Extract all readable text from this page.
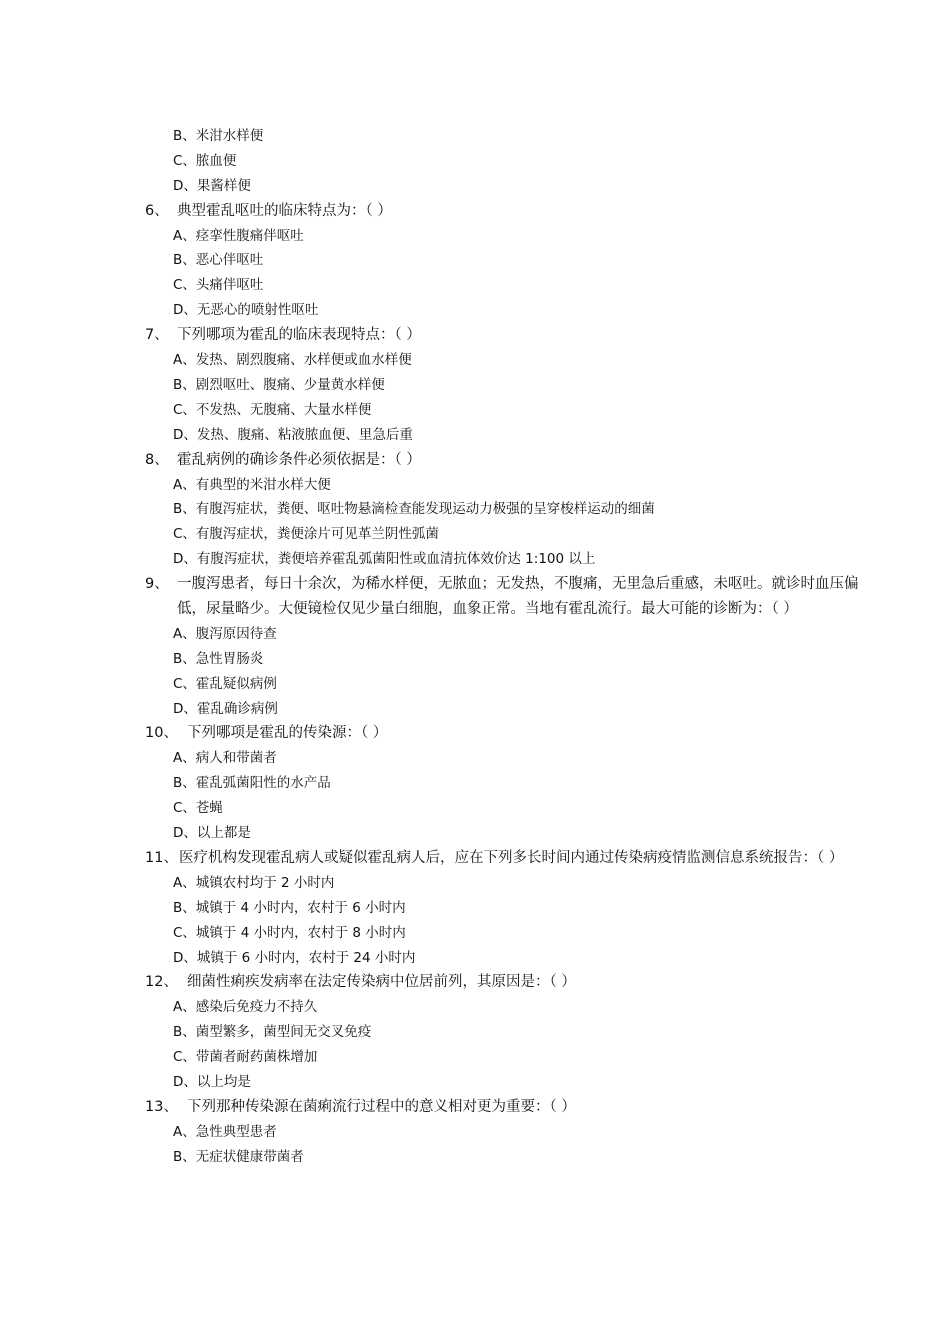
B、米泔水样便
C、脓血便
D、果酱样便
6、 典型霍乱呕吐的临床特点为：（ ）
A、痉挛性腹痛伴呕吐
B、恶心伴呕吐
C、头痛伴呕吐
D、无恶心的喷射性呕吐
7、 下列哪项为霍乱的临床表现特点：（ ）
A、发热、剧烈腹痛、水样便或血水样便
B、剧烈呕吐、腹痛、少量黄水样便
C、不发热、无腹痛、大量水样便
D、发热、腹痛、粘液脓血便、里急后重
8、 霍乱病例的确诊条件必须依据是：（ ）
A、有典型的米泔水样大便
B、有腹泻症状，粪便、呕吐物悬滴检查能发现运动力极强的呈穿梭样运动的细菌
C、有腹泻症状，粪便涂片可见革兰阴性弧菌
D、有腹泻症状，粪便培养霍乱弧菌阳性或血清抗体效价达 1:100 以上
9、 一腹泻患者，每日十余次，为稀水样便，无脓血；无发热，不腹痛，无里急后重感，未呕吐。就诊时血压偏低，尿量略少。大便镜检仅见少量白细胞，血象正常。当地有霍乱流行。最大可能的诊断为：（ ）
A、腹泻原因待查
B、急性胃肠炎
C、霍乱疑似病例
D、霍乱确诊病例
10、 下列哪项是霍乱的传染源：（ ）
A、病人和带菌者
B、霍乱弧菌阳性的水产品
C、苍蝇
D、以上都是
11、 医疗机构发现霍乱病人或疑似霍乱病人后，应在下列多长时间内通过传染病疫情监测信息系统报告：（ ）
A、城镇农村均于 2 小时内
B、城镇于 4 小时内，农村于 6 小时内
C、城镇于 4 小时内，农村于 8 小时内
D、城镇于 6 小时内，农村于 24 小时内
12、 细菌性痢疾发病率在法定传染病中位居前列，其原因是：（ ）
A、感染后免疫力不持久
B、菌型繁多，菌型间无交叉免疫
C、带菌者耐药菌株增加
D、以上均是
13、 下列那种传染源在菌痢流行过程中的意义相对更为重要：（ ）
A、急性典型患者
B、无症状健康带菌者
